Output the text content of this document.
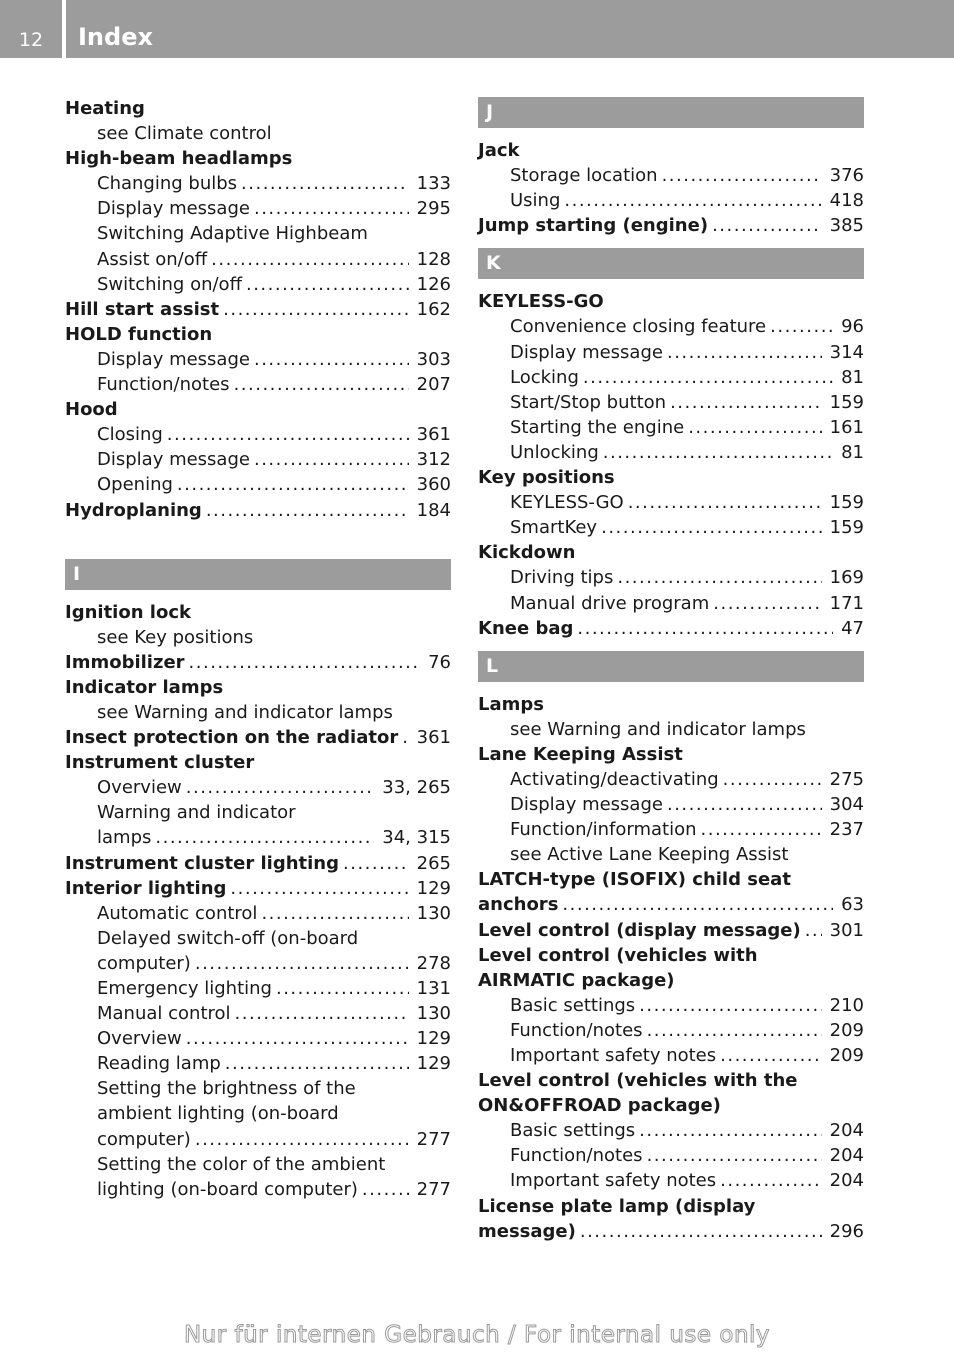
12	Index
Heating
see Climate control
High-beam headlamps
Changing bulbs .....	133
Display message .....	295
Switching Adaptive Highbeam
Assist on/off .....	128
Switching on/off .....	126
Hill start assist .....	162
HOLD function
Display message .....	303
Function/notes .....	207
Hood
Closing .....	361
Display message .....	312
Opening .....	360
Hydroplaning .....	184
I
Ignition lock
see Key positions
Immobilizer .....	76
Indicator lamps
see Warning and indicator lamps
Insect protection on the radiator ..... 361
Instrument cluster
Overview .....	33, 265
Warning and indicator
lamps .....	34, 315
Instrument cluster lighting .....	265
Interior lighting .....	129
Automatic control .....	130
Delayed switch-off (on-board
computer) .....	278
Emergency lighting .....	131
Manual control .....	130
Overview .....	129
Reading lamp .....	129
Setting the brightness of the
ambient lighting (on-board
computer) .....	277
Setting the color of the ambient
lighting (on-board computer) .....	277
J
Jack
Storage location .....	376
Using .....	418
Jump starting (engine) .....	385
K
KEYLESS-GO
Convenience closing feature .....	96
Display message .....	314
Locking .....	81
Start/Stop button .....	159
Starting the engine .....	161
Unlocking .....	81
Key positions
KEYLESS-GO .....	159
SmartKey .....	159
Kickdown
Driving tips .....	169
Manual drive program .....	171
Knee bag .....	47
L
Lamps
see Warning and indicator lamps
Lane Keeping Assist
Activating/deactivating .....	275
Display message .....	304
Function/information .....	237
see Active Lane Keeping Assist
LATCH-type (ISOFIX) child seat
anchors .....	63
Level control (display message) ..... 301
Level control (vehicles with
AIRMATIC package)
Basic settings .....	210
Function/notes .....	209
Important safety notes .....	209
Level control (vehicles with the
ON&OFFROAD package)
Basic settings .....	204
Function/notes .....	204
Important safety notes .....	204
License plate lamp (display
message) .....	296
Nur für internen Gebrauch / For internal use only
